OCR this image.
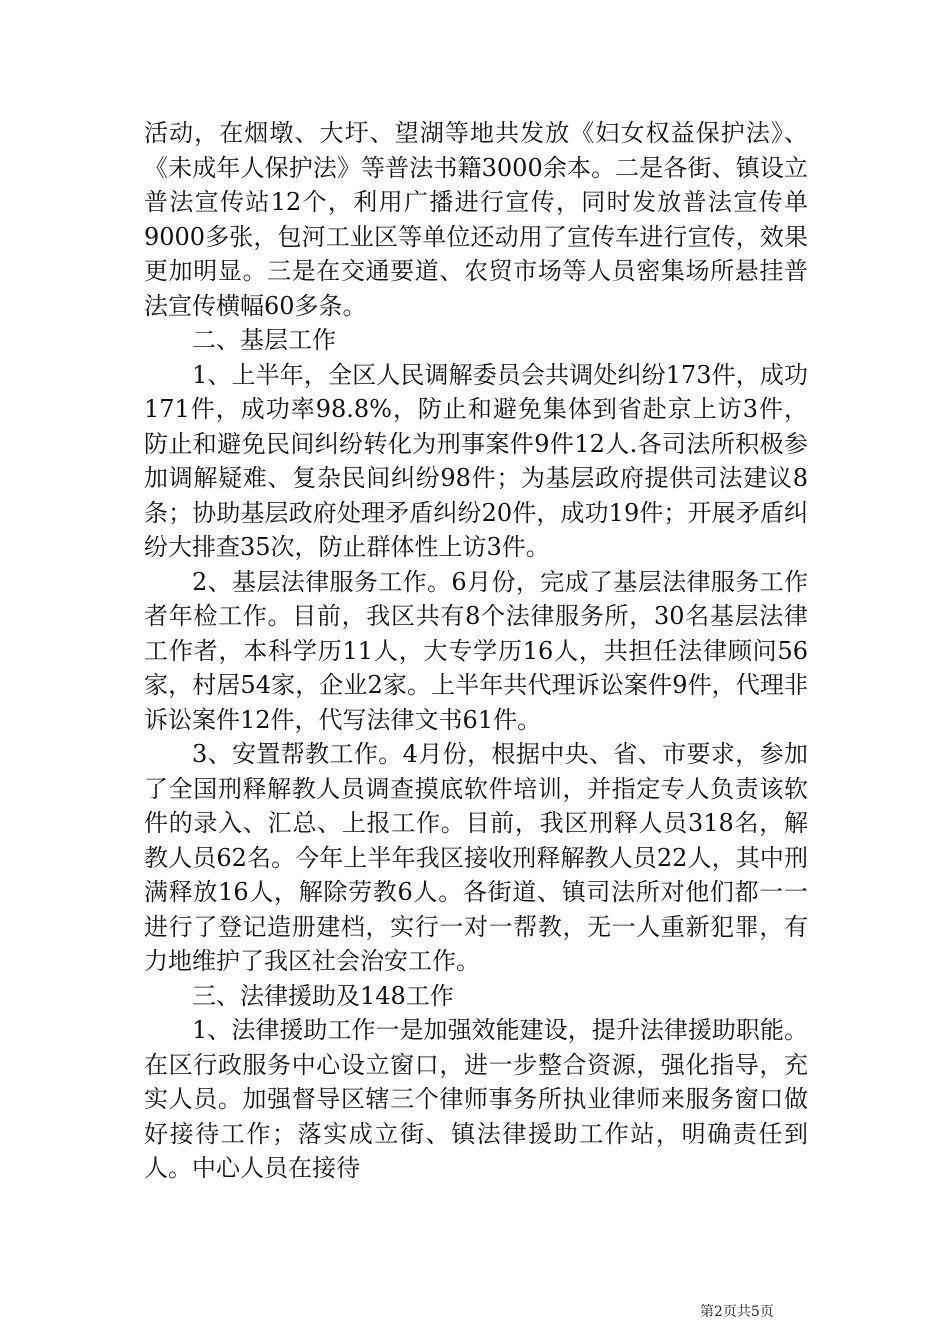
活动，在烟墩、大圩、望湖等地共发放《妇女权益保护法》、《未成年人保护法》等普法书籍3000余本。二是各街、镇设立普法宣传站12个，利用广播进行宣传，同时发放普法宣传单9000多张，包河工业区等单位还动用了宣传车进行宣传，效果更加明显。三是在交通要道、农贸市场等人员密集场所悬挂普法宣传横幅60多条。

二、基层工作

1、上半年，全区人民调解委员会共调处纠纷173件，成功171件，成功率98.8%，防止和避免集体到省赴京上访3件，防止和避免民间纠纷转化为刑事案件9件12人.各司法所积极参加调解疑难、复杂民间纠纷98件；为基层政府提供司法建议8条；协助基层政府处理矛盾纠纷20件，成功19件；开展矛盾纠纷大排查35次，防止群体性上访3件。

2、基层法律服务工作。6月份，完成了基层法律服务工作者年检工作。目前，我区共有8个法律服务所，30名基层法律工作者，本科学历11人，大专学历16人，共担任法律顾问56家，村居54家，企业2家。上半年共代理诉讼案件9件，代理非诉讼案件12件，代写法律文书61件。

3、安置帮教工作。4月份，根据中央、省、市要求，参加了全国刑释解教人员调查摸底软件培训，并指定专人负责该软件的录入、汇总、上报工作。目前，我区刑释人员318名，解教人员62名。今年上半年我区接收刑释解教人员22人，其中刑满释放16人，解除劳教6人。各街道、镇司法所对他们都一一进行了登记造册建档，实行一对一帮教，无一人重新犯罪，有力地维护了我区社会治安工作。

三、法律援助及148工作

1、法律援助工作一是加强效能建设，提升法律援助职能。在区行政服务中心设立窗口，进一步整合资源，强化指导，充实人员。加强督导区辖三个律师事务所执业律师来服务窗口做好接待工作；落实成立街、镇法律援助工作站，明确责任到人。中心人员在接待

第2页共5页
